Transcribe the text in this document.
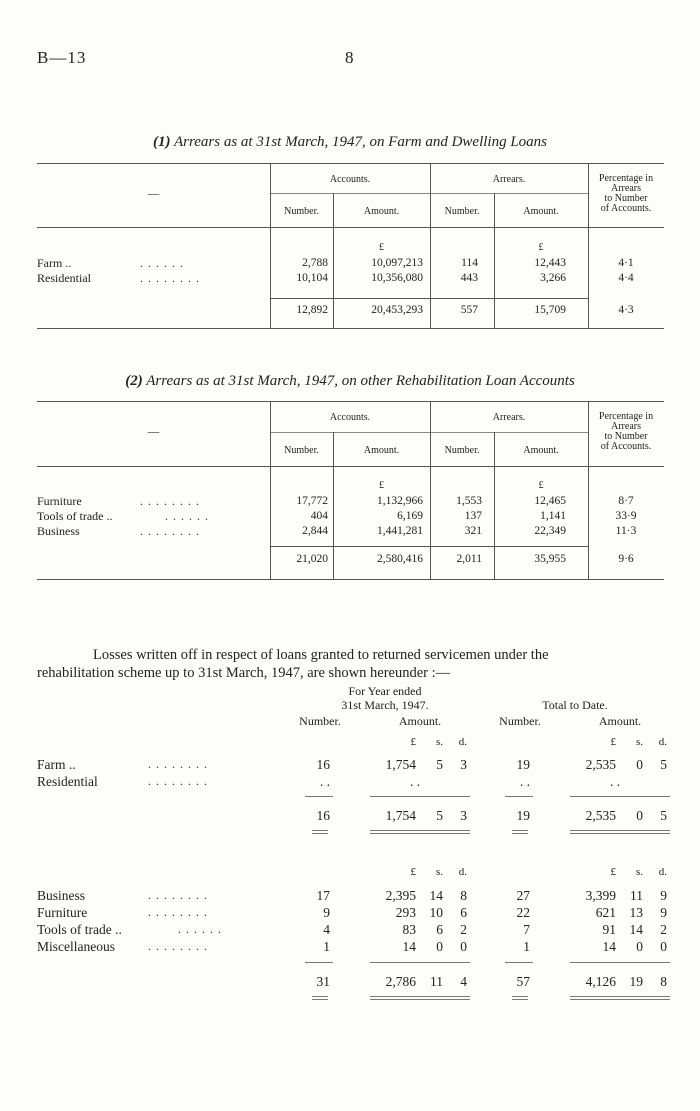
B—13	8
(1) Arrears as at 31st March, 1947, on Farm and Dwelling Loans
—
Accounts.	Arrears.
Number.	Amount.	Number.	Amount.
Percentage in
Arrears
to Number
of Accounts.
£	£
Farm ..	. . . . . .	2,788	10,097,213	114	12,443	4·1
Residential	. . . . . . . .	10,104	10,356,080	443	3,266	4·4
12,892	20,453,293	557	15,709	4·3
(2) Arrears as at 31st March, 1947, on other Rehabilitation Loan Accounts
—
Accounts.	Arrears.
Number.	Amount.	Number.	Amount.
Percentage in
Arrears
to Number
of Accounts.
£	£
Furniture	. . . . . . . .	17,772	1,132,966	1,553	12,465	8·7
Tools of trade ..	. . . . . .	404	6,169	137	1,141	33·9
Business	. . . . . . . .	2,844	1,441,281	321	22,349	11·3
21,020	2,580,416	2,011	35,955	9·6
Losses written off in respect of loans granted to returned servicemen under the
rehabilitation scheme up to 31st March, 1947, are shown hereunder :—
For Year ended
31st March, 1947.	Total to Date.
Number.	Amount.	Number.	Amount.
£	s.	d.	£	s.	d.
Farm ..	. . . . . . . .	16	1,754	5	3	19	2,535	0	5
Residential	. . . . . . . .	. .	. .	. .	. .
16	1,754	5	3	19	2,535	0	5
£	s.	d.	£	s.	d.
Business	. . . . . . . .	17	2,395	14	8	27	3,399	11	9
Furniture	. . . . . . . .	9	293	10	6	22	621	13	9
Tools of trade ..	. . . . . .	4	83	6	2	7	91	14	2
Miscellaneous	. . . . . . . .	1	14	0	0	1	14	0	0
31	2,786	11	4	57	4,126	19	8
